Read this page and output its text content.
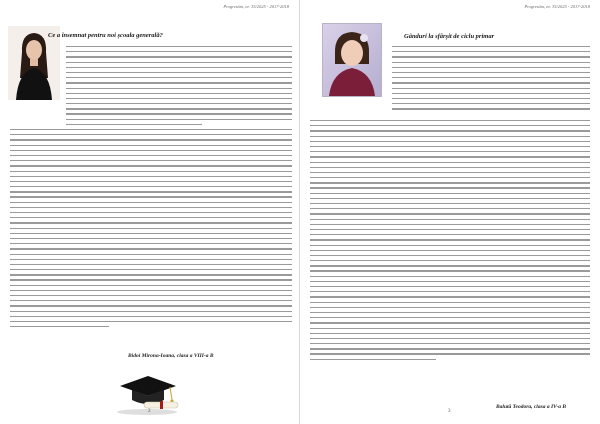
Progresăm, nr. 35/2025 - 2017-2018
Ce a însemnat pentru noi școala generală?
Bidoi Mirona-Ioana, clasa a VIII-a B
2
Progresăm, nr. 35/2025 - 2017-2018
Gânduri la sfârșit de ciclu primar
Balută Teodora, clasa a IV-a B
3
